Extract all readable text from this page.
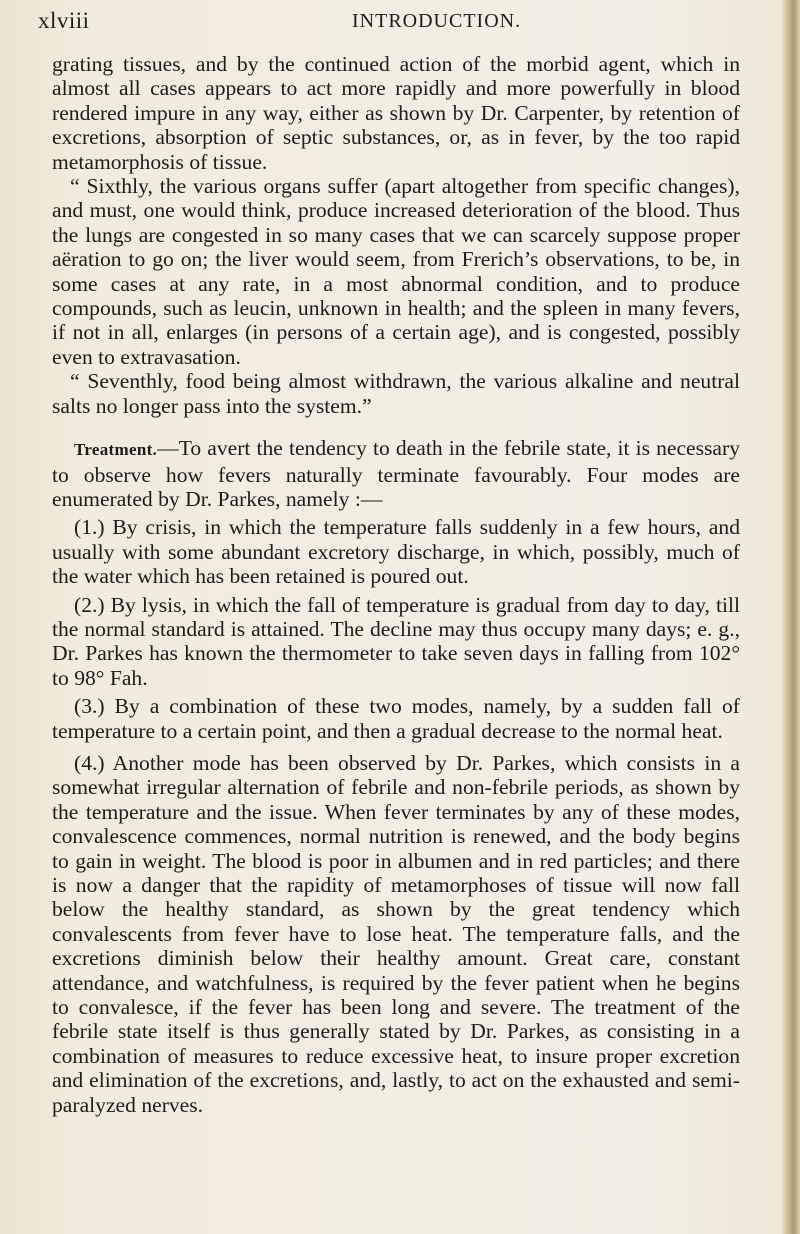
xlviii	INTRODUCTION.

grating tissues, and by the continued action of the morbid agent, which in almost all cases appears to act more rapidly and more powerfully in blood rendered impure in any way, either as shown by Dr. Carpenter, by retention of excretions, absorption of septic substances, or, as in fever, by the too rapid metamorphosis of tissue.

“ Sixthly, the various organs suffer (apart altogether from specific changes), and must, one would think, produce increased deterioration of the blood. Thus the lungs are congested in so many cases that we can scarcely suppose proper aëration to go on; the liver would seem, from Frerich’s observations, to be, in some cases at any rate, in a most abnormal condition, and to produce compounds, such as leucin, unknown in health; and the spleen in many fevers, if not in all, enlarges (in persons of a certain age), and is congested, possibly even to extravasation.

“ Seventhly, food being almost withdrawn, the various alkaline and neutral salts no longer pass into the system.”

Treatment.—To avert the tendency to death in the febrile state, it is necessary to observe how fevers naturally terminate favourably. Four modes are enumerated by Dr. Parkes, namely :—

(1.) By crisis, in which the temperature falls suddenly in a few hours, and usually with some abundant excretory discharge, in which, possibly, much of the water which has been retained is poured out.

(2.) By lysis, in which the fall of temperature is gradual from day to day, till the normal standard is attained. The decline may thus occupy many days; e. g., Dr. Parkes has known the thermometer to take seven days in falling from 102° to 98° Fah.

(3.) By a combination of these two modes, namely, by a sudden fall of temperature to a certain point, and then a gradual decrease to the normal heat.

(4.) Another mode has been observed by Dr. Parkes, which consists in a somewhat irregular alternation of febrile and non-febrile periods, as shown by the temperature and the issue. When fever terminates by any of these modes, convalescence commences, normal nutrition is renewed, and the body begins to gain in weight. The blood is poor in albumen and in red particles; and there is now a danger that the rapidity of metamorphoses of tissue will now fall below the healthy standard, as shown by the great tendency which convalescents from fever have to lose heat. The temperature falls, and the excretions diminish below their healthy amount. Great care, constant attendance, and watchfulness, is required by the fever patient when he begins to convalesce, if the fever has been long and severe. The treatment of the febrile state itself is thus generally stated by Dr. Parkes, as consisting in a combination of measures to reduce excessive heat, to insure proper excretion and elimination of the excretions, and, lastly, to act on the exhausted and semi-paralyzed nerves.
